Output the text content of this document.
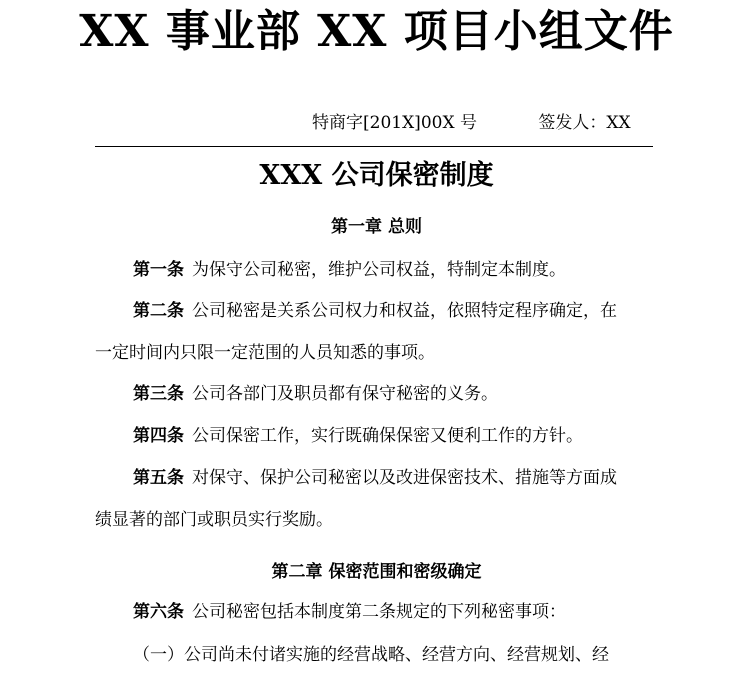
XX 事业部 XX 项目小组文件
特商字[201X]00X 号	签发人：XX
XXX 公司保密制度
第一章 总则
第一条 为保守公司秘密，维护公司权益，特制定本制度。
第二条 公司秘密是关系公司权力和权益，依照特定程序确定，在
一定时间内只限一定范围的人员知悉的事项。
第三条 公司各部门及职员都有保守秘密的义务。
第四条 公司保密工作，实行既确保保密又便利工作的方针。
第五条 对保守、保护公司秘密以及改进保密技术、措施等方面成
绩显著的部门或职员实行奖励。
第二章 保密范围和密级确定
第六条 公司秘密包括本制度第二条规定的下列秘密事项：
（一）公司尚未付诸实施的经营战略、经营方向、经营规划、经
